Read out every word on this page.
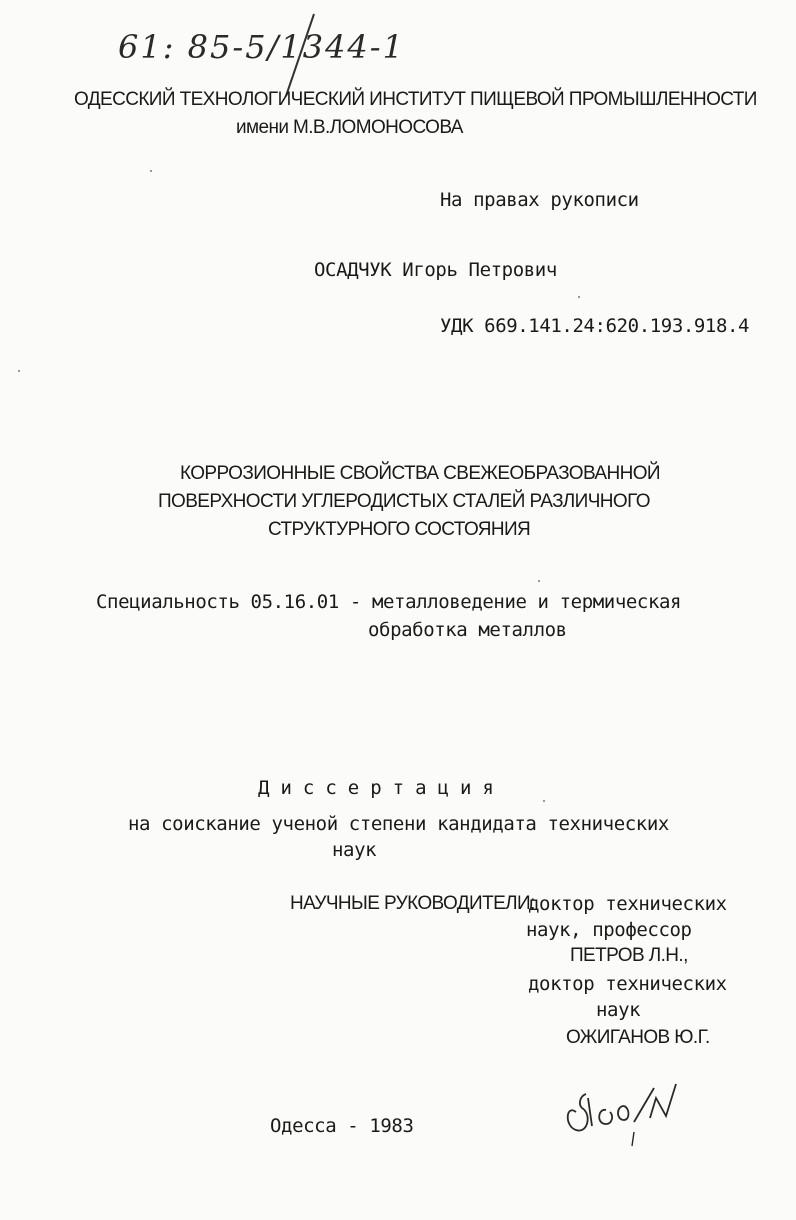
61: 85-5/1344-1
ОДЕССКИЙ ТЕХНОЛОГИЧЕСКИЙ ИНСТИТУТ ПИЩЕВОЙ ПРОМЫШЛЕННОСТИ
имени М.В.ЛОМОНОСОВА
На правах рукописи
ОСАДЧУК Игорь Петрович
УДК 669.141.24:620.193.918.4
КОРРОЗИОННЫЕ СВОЙСТВА СВЕЖЕОБРАЗОВАННОЙ
ПОВЕРХНОСТИ УГЛЕРОДИСТЫХ СТАЛЕЙ РАЗЛИЧНОГО
СТРУКТУРНОГО СОСТОЯНИЯ
Специальность 05.16.01 - металловедение и термическая
обработка металлов
Диссертация
на соискание ученой степени кандидата технических
наук
НАУЧНЫЕ РУКОВОДИТЕЛИ:
доктор технических
наук, профессор
ПЕТРОВ Л.Н.,
доктор технических
наук
ОЖИГАНОВ Ю.Г.
Одесса - 1983
